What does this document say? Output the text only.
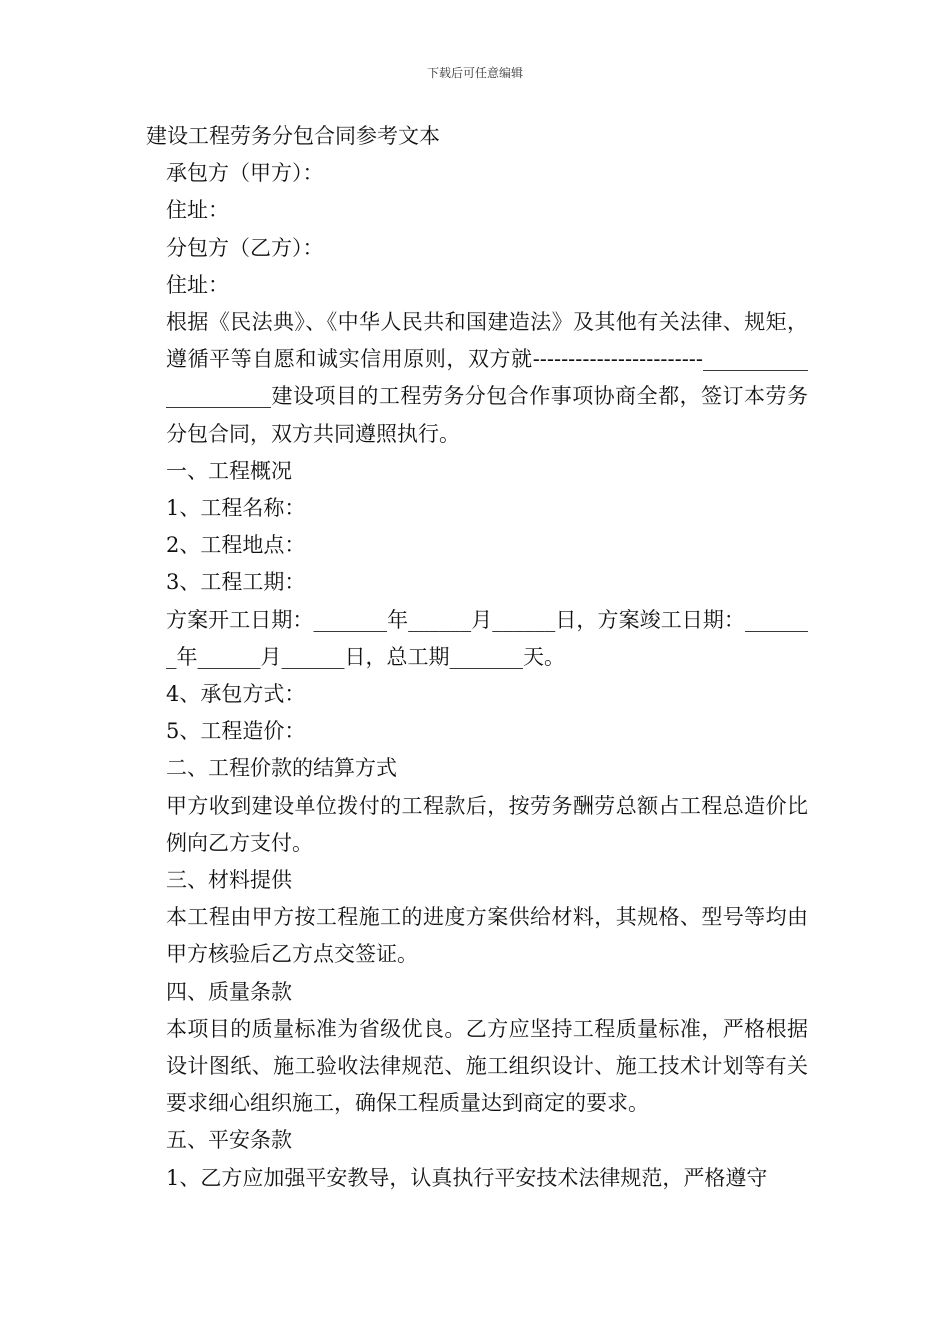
下载后可任意编辑

建设工程劳务分包合同参考文本

承包方（甲方）：

住址：

分包方（乙方）：

住址：

根据《民法典》、《中华人民共和国建造法》及其他有关法律、规矩，遵循平等自愿和诚实信用原则，双方就------------------------____________________建设项目的工程劳务分包合作事项协商全都，签订本劳务分包合同，双方共同遵照执行。

一、工程概况

1、工程名称：

2、工程地点：

3、工程工期：

方案开工日期：_______年______月______日，方案竣工日期：_______年______月______日，总工期_______天。

4、承包方式：

5、工程造价：

二、工程价款的结算方式

甲方收到建设单位拨付的工程款后，按劳务酬劳总额占工程总造价比例向乙方支付。

三、材料提供

本工程由甲方按工程施工的进度方案供给材料，其规格、型号等均由甲方核验后乙方点交签证。

四、质量条款

本项目的质量标准为省级优良。乙方应坚持工程质量标准，严格根据设计图纸、施工验收法律规范、施工组织设计、施工技术计划等有关要求细心组织施工，确保工程质量达到商定的要求。

五、平安条款

1、乙方应加强平安教导，认真执行平安技术法律规范，严格遵守
